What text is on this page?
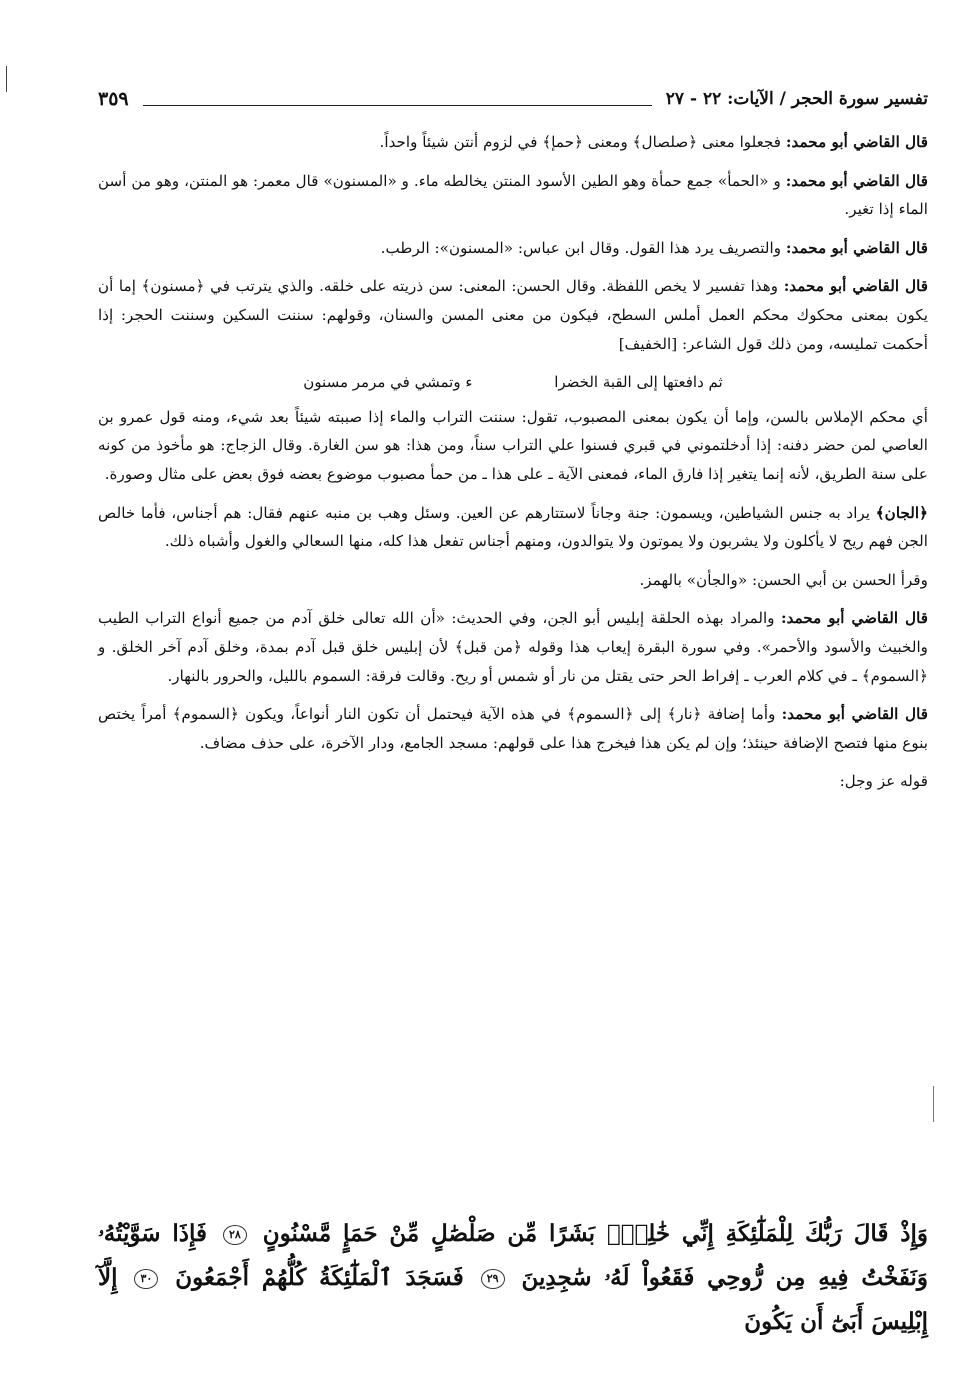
تفسير سورة الحجر / الآيات: ٢٢ - ٢٧
٣٥٩

قال القاضي أبو محمد: فجعلوا معنى ﴿صلصال﴾ ومعنى ﴿حمإ﴾ في لزوم أنتن شيئاً واحداً.

قال القاضي أبو محمد: و «الحمأ» جمع حمأة وهو الطين الأسود المنتن يخالطه ماء. و «المسنون» قال معمر: هو المنتن، وهو من أسن الماء إذا تغير.

قال القاضي أبو محمد: والتصريف يرد هذا القول. وقال ابن عباس: «المسنون»: الرطب.

قال القاضي أبو محمد: وهذا تفسير لا يخص اللفظة. وقال الحسن: المعنى: سن ذريته على خلقه. والذي يترتب في ﴿مسنون﴾ إما أن يكون بمعنى محكوك محكم العمل أملس السطح، فيكون من معنى المسن والسنان، وقولهم: سننت السكين وسننت الحجر: إذا أحكمت تمليسه، ومن ذلك قول الشاعر: [الخفيف]

ثم دافعتها إلى القبة الخضرا ء وتمشي في مرمر مسنون

أي محكم الإملاس بالسن، وإما أن يكون بمعنى المصبوب، تقول: سننت التراب والماء إذا صببته شيئاً بعد شيء، ومنه قول عمرو بن العاصي لمن حضر دفنه: إذا أدخلتموني في قبري فسنوا علي التراب سناً، ومن هذا: هو سن الغارة. وقال الزجاج: هو مأخوذ من كونه على سنة الطريق، لأنه إنما يتغير إذا فارق الماء، فمعنى الآية ـ على هذا ـ من حمأ مصبوب موضوع بعضه فوق بعض على مثال وصورة.

﴿الجان﴾ يراد به جنس الشياطين، ويسمون: جنة وجاناً لاستتارهم عن العين. وسئل وهب بن منبه عنهم فقال: هم أجناس، فأما خالص الجن فهم ريح لا يأكلون ولا يشربون ولا يموتون ولا يتوالدون، ومنهم أجناس تفعل هذا كله، منها السعالي والغول وأشباه ذلك.

وقرأ الحسن بن أبي الحسن: «والجأن» بالهمز.

قال القاضي أبو محمد: والمراد بهذه الحلقة إبليس أبو الجن، وفي الحديث: «أن الله تعالى خلق آدم من جميع أنواع التراب الطيب والخبيث والأسود والأحمر». وفي سورة البقرة إيعاب هذا وقوله ﴿من قبل﴾ لأن إبليس خلق قبل آدم بمدة، وخلق آدم آخر الخلق. و ﴿السموم﴾ ـ في كلام العرب ـ إفراط الحر حتى يقتل من نار أو شمس أو ريح. وقالت فرقة: السموم بالليل، والحرور بالنهار.

قال القاضي أبو محمد: وأما إضافة ﴿نار﴾ إلى ﴿السموم﴾ في هذه الآية فيحتمل أن تكون النار أنواعاً، ويكون ﴿السموم﴾ أمراً يختص بنوع منها فتصح الإضافة حينئذ؛ وإن لم يكن هذا فيخرج هذا على قولهم: مسجد الجامع، ودار الآخرة، على حذف مضاف.

قوله عز وجل:

وَإِذْ قَالَ رَبُّكَ لِلْمَلَٰٓئِكَةِ إِنِّي خَٰلِقُۢ بَشَرًا مِّن صَلْصَٰلٍ مِّنْ حَمَإٍ مَّسْنُونٍ ٢٨ فَإِذَا سَوَّيْتُهُۥ وَنَفَخْتُ فِيهِ مِن رُّوحِي فَقَعُواْ لَهُۥ سَٰجِدِينَ ٢٩ فَسَجَدَ ٱلْمَلَٰٓئِكَةُ كُلُّهُمْ أَجْمَعُونَ ٣٠ إِلَّآ إِبْلِيسَ أَبَىٰٓ أَن يَكُونَ
